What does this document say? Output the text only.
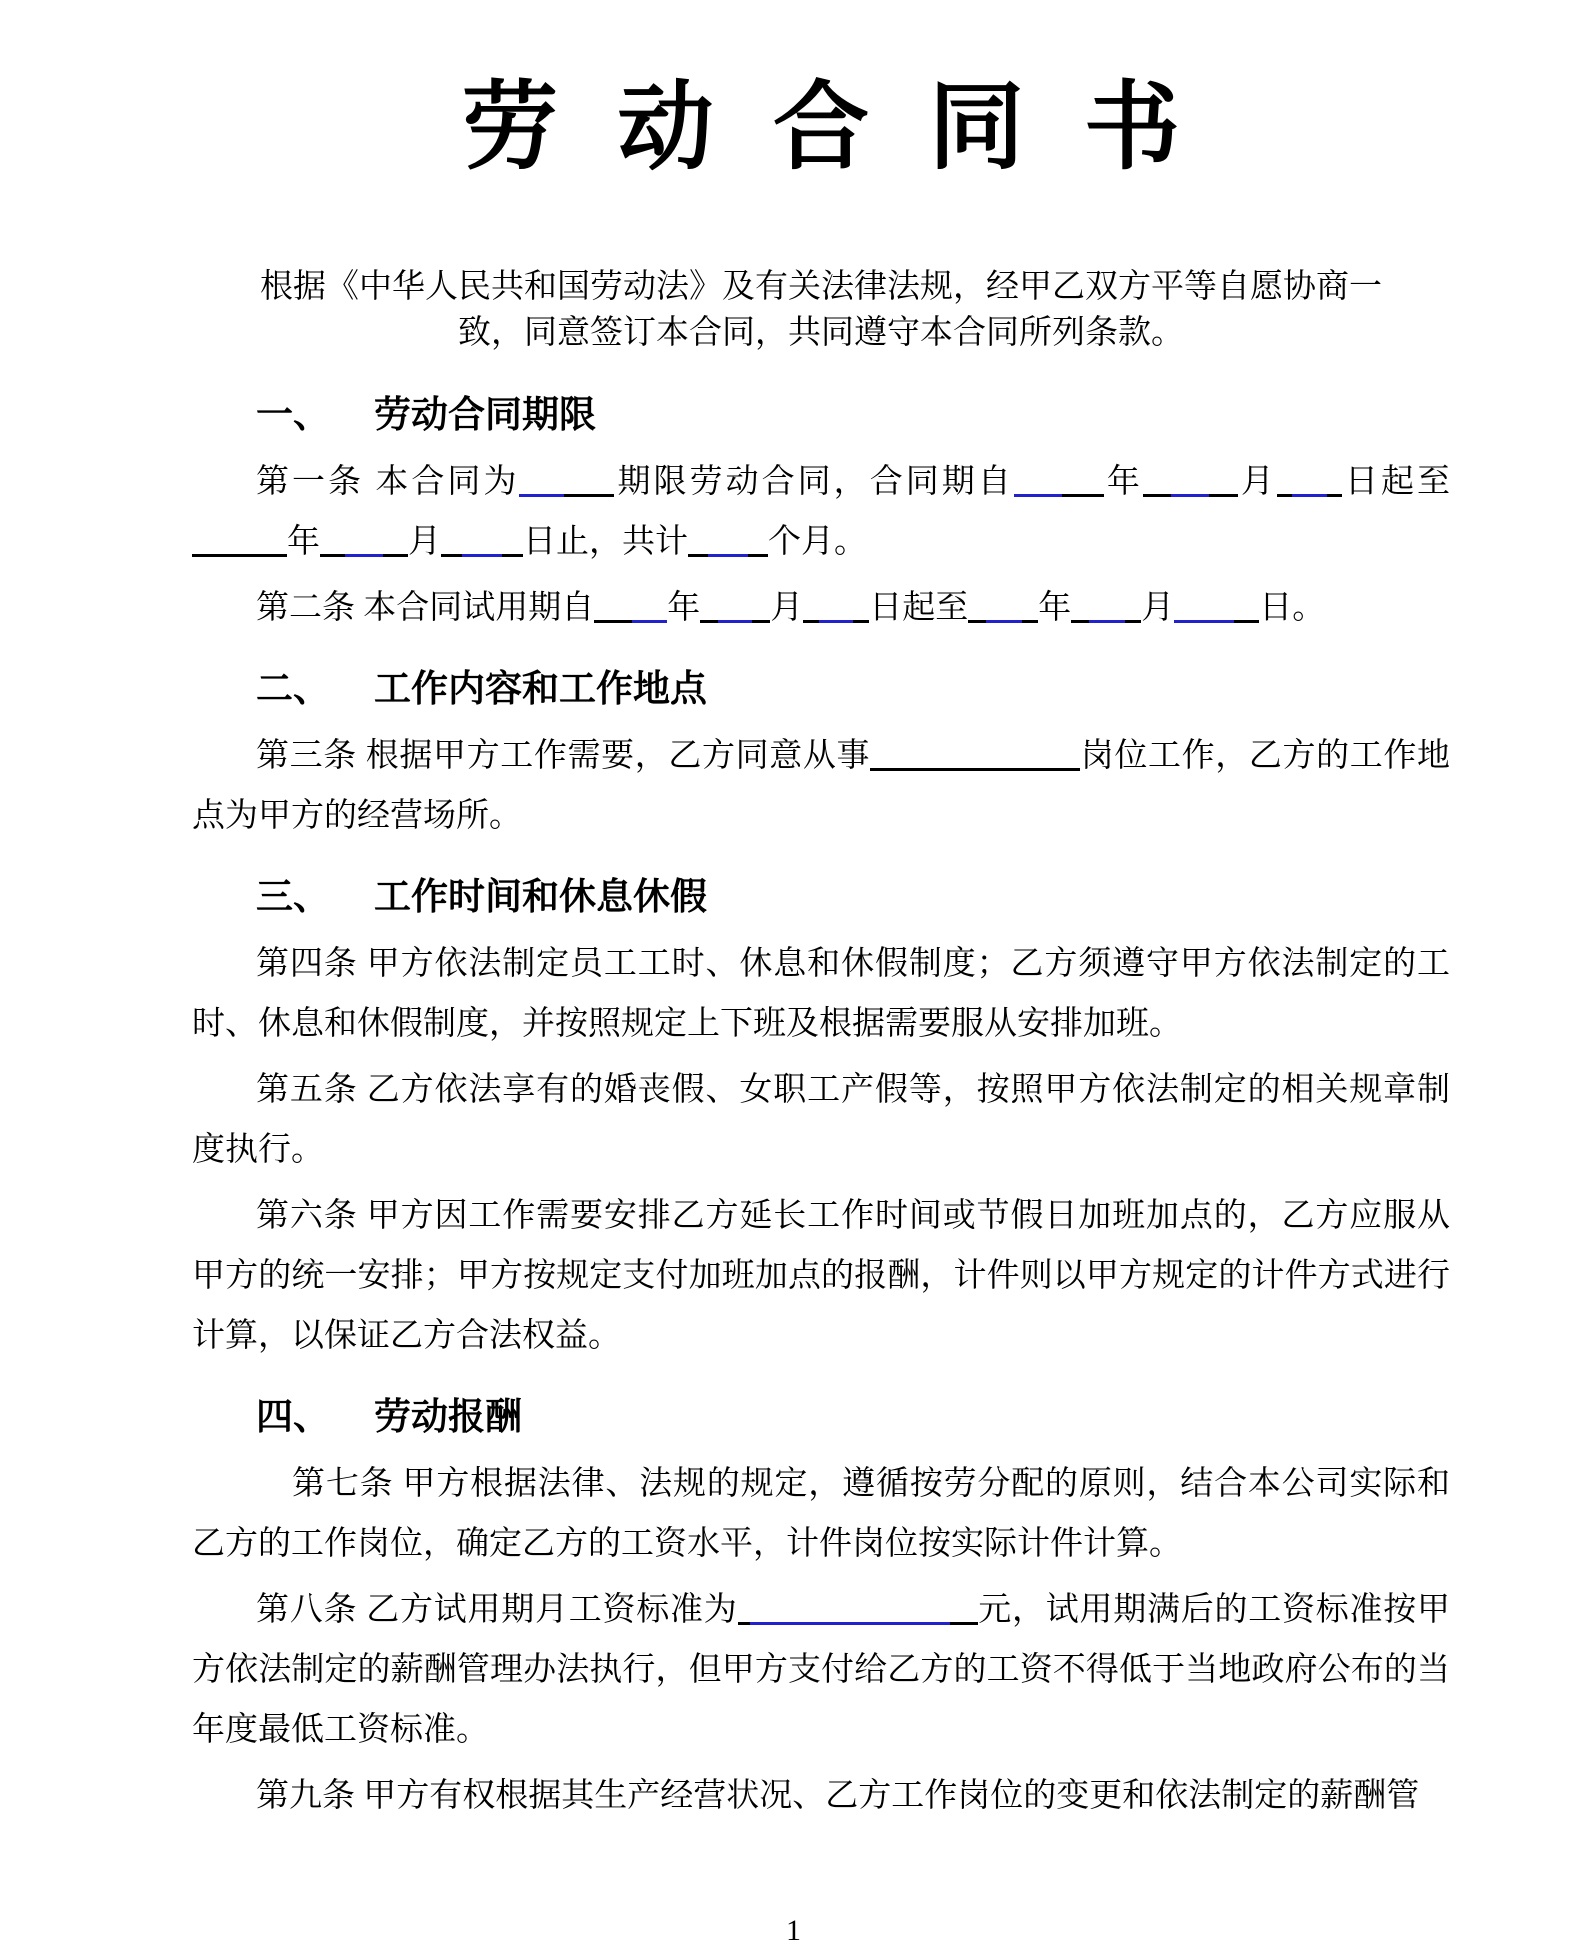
劳动合同书
根据《中华人民共和国劳动法》及有关法律法规，经甲乙双方平等自愿协商一致，同意签订本合同，共同遵守本合同所列条款。
一、 劳动合同期限

第一条 本合同为	期限劳动合同，合同期自	年	月 日起至年	月 日止，共计 个月。

第二条 本合同试用期自 年 月 日起至 年 月	日。

二、 工作内容和工作地点

第三条 根据甲方工作需要，乙方同意从事	岗位工作，乙方的工作地点为甲方的经营场所。

三、 工作时间和休息休假

第四条 甲方依法制定员工工时、休息和休假制度；乙方须遵守甲方依法制定的工时、休息和休假制度，并按照规定上下班及根据需要服从安排加班。

第五条 乙方依法享有的婚丧假、女职工产假等，按照甲方依法制定的相关规章制度执行。

第六条 甲方因工作需要安排乙方延长工作时间或节假日加班加点的，乙方应服从甲方的统一安排；甲方按规定支付加班加点的报酬，计件则以甲方规定的计件方式进行计算，以保证乙方合法权益。

四、 劳动报酬

第七条 甲方根据法律、法规的规定，遵循按劳分配的原则，结合本公司实际和乙方的工作岗位，确定乙方的工资水平，计件岗位按实际计件计算。

第八条 乙方试用期月工资标准为	元，试用期满后的工资标准按甲方依法制定的薪酬管理办法执行，但甲方支付给乙方的工资不得低于当地政府公布的当年度最低工资标准。

第九条 甲方有权根据其生产经营状况、乙方工作岗位的变更和依法制定的薪酬管

1
